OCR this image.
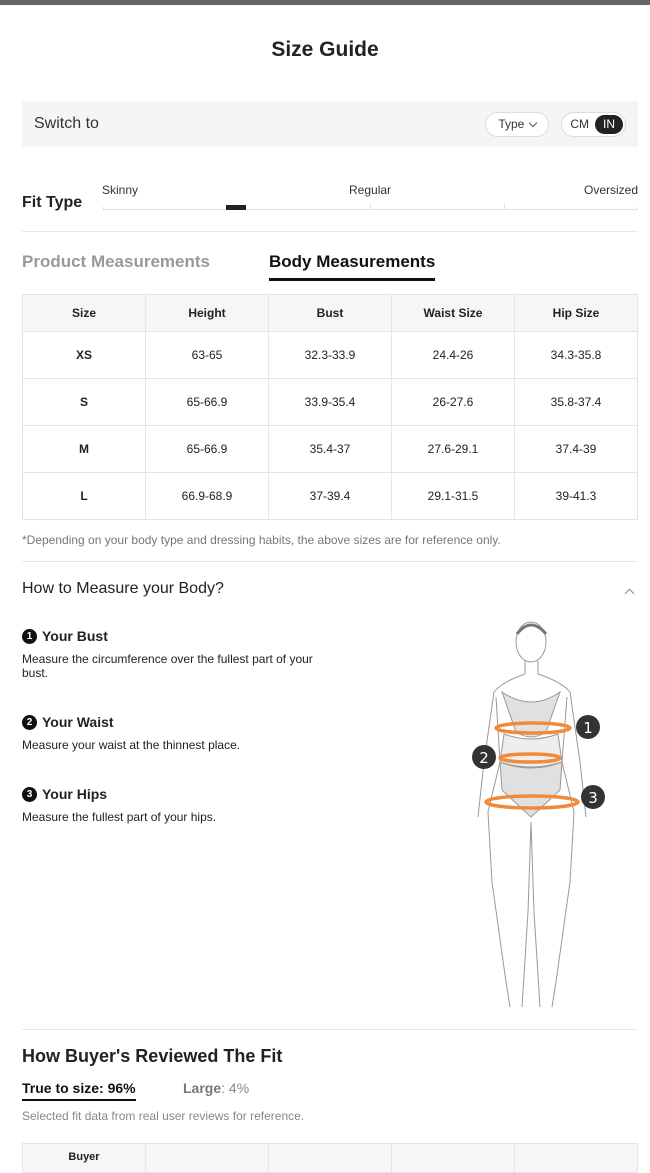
Size Guide
Switch to	Type	CM	IN
Fit Type
Skinny	Regular	Oversized
Product Measurements	Body Measurements
Size	Height	Bust	Waist Size	Hip Size
XS	63-65	32.3-33.9	24.4-26	34.3-35.8
S	65-66.9	33.9-35.4	26-27.6	35.8-37.4
M	65-66.9	35.4-37	27.6-29.1	37.4-39
L	66.9-68.9	37-39.4	29.1-31.5	39-41.3
*Depending on your body type and dressing habits, the above sizes are for reference only.
How to Measure your Body?
1 Your Bust
Measure the circumference over the fullest part of your bust.
2 Your Waist
Measure your waist at the thinnest place.
3 Your Hips
Measure the fullest part of your hips.
1
2
3
How Buyer's Reviewed The Fit
True to size: 96%	Large: 4%
Selected fit data from real user reviews for reference.
Buyer
